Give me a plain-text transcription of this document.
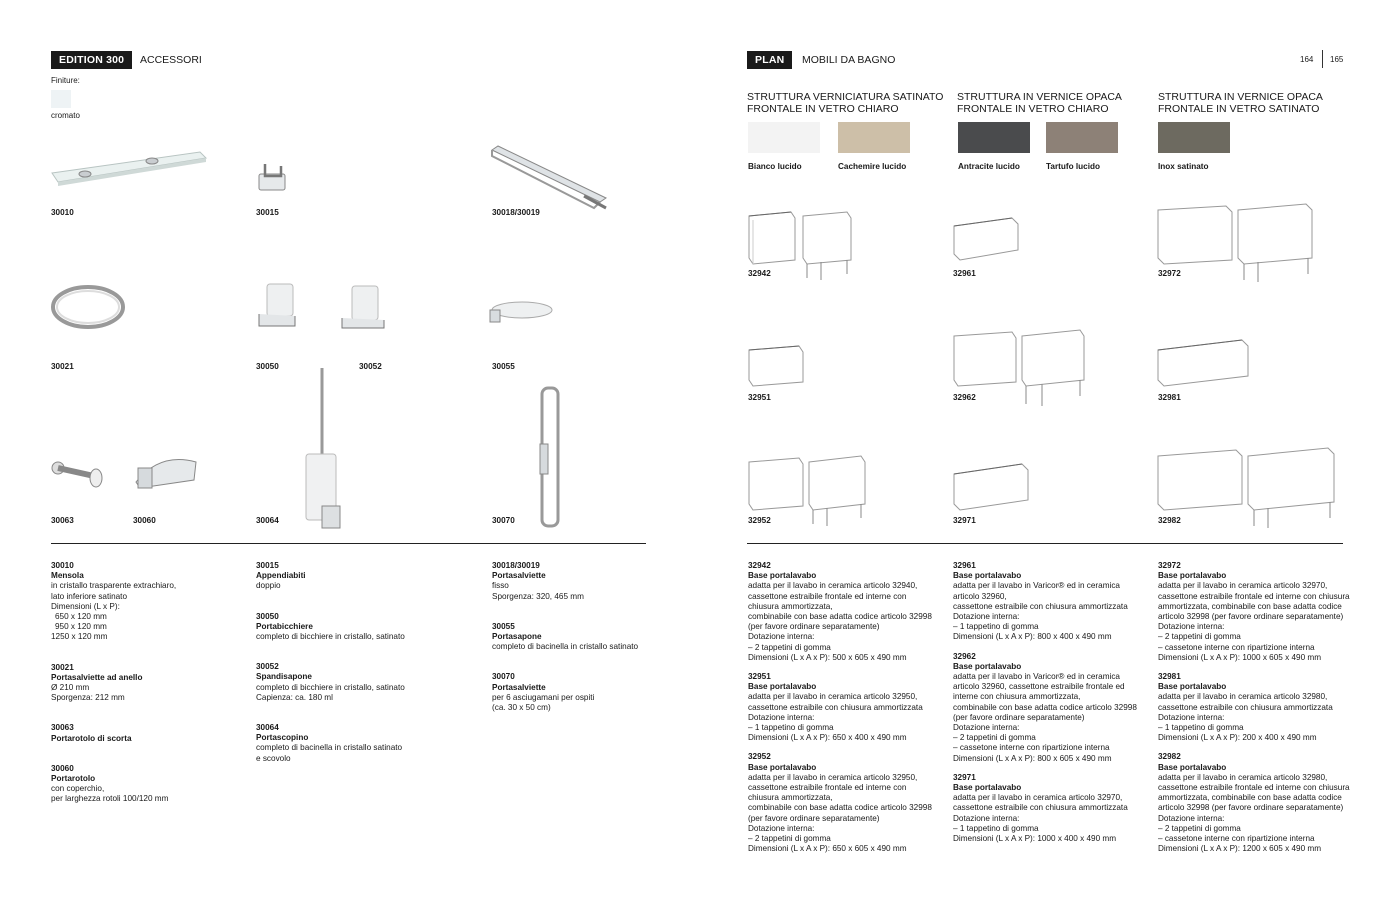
EDITION 300	ACCESSORI
Finiture:
cromato
30010	30015	30018/30019
30021	30050	30052	30055
30063	30060	30064	30070
30010
Mensola
in cristallo trasparente extrachiaro,
lato inferiore satinato
Dimensioni (L x P):
650 x 120 mm
950 x 120 mm
1250 x 120 mm
30021
Portasalviette ad anello
Ø 210 mm
Sporgenza: 212 mm
30063
Portarotolo di scorta
30060
Portarotolo
con coperchio,
per larghezza rotoli 100/120 mm
30015
Appendiabiti
doppio
30050
Portabicchiere
completo di bicchiere in cristallo, satinato
30052
Spandisapone
completo di bicchiere in cristallo, satinato
Capienza: ca. 180 ml
30064
Portascopino
completo di bacinella in cristallo satinato
e scovolo
30018/30019
Portasalviette
fisso
Sporgenza: 320, 465 mm
30055
Portasapone
completo di bacinella in cristallo satinato
30070
Portasalviette
per 6 asciugamani per ospiti
(ca. 30 x 50 cm)
PLAN	MOBILI DA BAGNO	164 165
STRUTTURA VERNICIATURA SATINATO
FRONTALE IN VETRO CHIARO
STRUTTURA IN VERNICE OPACA
FRONTALE IN VETRO CHIARO
STRUTTURA IN VERNICE OPACA
FRONTALE IN VETRO SATINATO
Bianco lucido	Cachemire lucido	Antracite lucido	Tartufo lucido	Inox satinato
32942	32961	32972
32951	32962	32981
32952	32971	32982
32942
Base portalavabo
adatta per il lavabo in ceramica articolo 32940,
cassettone estraibile frontale ed interne con
chiusura ammortizzata,
combinabile con base adatta codice articolo 32998
(per favore ordinare separatamente)
Dotazione interna:
– 2 tappetini di gomma
Dimensioni (L x A x P): 500 x 605 x 490 mm
32951
Base portalavabo
adatta per il lavabo in ceramica articolo 32950,
cassettone estraibile con chiusura ammortizzata
Dotazione interna:
– 1 tappetino di gomma
Dimensioni (L x A x P): 650 x 400 x 490 mm
32952
Base portalavabo
adatta per il lavabo in ceramica articolo 32950,
cassettone estraibile frontale ed interne con
chiusura ammortizzata,
combinabile con base adatta codice articolo 32998
(per favore ordinare separatamente)
Dotazione interna:
– 2 tappetini di gomma
Dimensioni (L x A x P): 650 x 605 x 490 mm
32961
Base portalavabo
adatta per il lavabo in Varicor® ed in ceramica
articolo 32960,
cassettone estraibile con chiusura ammortizzata
Dotazione interna:
– 1 tappetino di gomma
Dimensioni (L x A x P): 800 x 400 x 490 mm
32962
Base portalavabo
adatta per il lavabo in Varicor® ed in ceramica
articolo 32960, cassettone estraibile frontale ed
interne con chiusura ammortizzata,
combinabile con base adatta codice articolo 32998
(per favore ordinare separatamente)
Dotazione interna:
– 2 tappetini di gomma
– cassetone interne con ripartizione interna
Dimensioni (L x A x P): 800 x 605 x 490 mm
32971
Base portalavabo
adatta per il lavabo in ceramica articolo 32970,
cassettone estraibile con chiusura ammortizzata
Dotazione interna:
– 1 tappetino di gomma
Dimensioni (L x A x P): 1000 x 400 x 490 mm
32972
Base portalavabo
adatta per il lavabo in ceramica articolo 32970,
cassettone estraibile frontale ed interne con chiusura
ammortizzata, combinabile con base adatta codice
articolo 32998 (per favore ordinare separatamente)
Dotazione interna:
– 2 tappetini di gomma
– cassetone interne con ripartizione interna
Dimensioni (L x A x P): 1000 x 605 x 490 mm
32981
Base portalavabo
adatta per il lavabo in ceramica articolo 32980,
cassettone estraibile con chiusura ammortizzata
Dotazione interna:
– 1 tappetino di gomma
Dimensioni (L x A x P): 200 x 400 x 490 mm
32982
Base portalavabo
adatta per il lavabo in ceramica articolo 32980,
cassettone estraibile frontale ed interne con chiusura
ammortizzata, combinabile con base adatta codice
articolo 32998 (per favore ordinare separatamente)
Dotazione interna:
– 2 tappetini di gomma
– cassetone interne con ripartizione interna
Dimensioni (L x A x P): 1200 x 605 x 490 mm
